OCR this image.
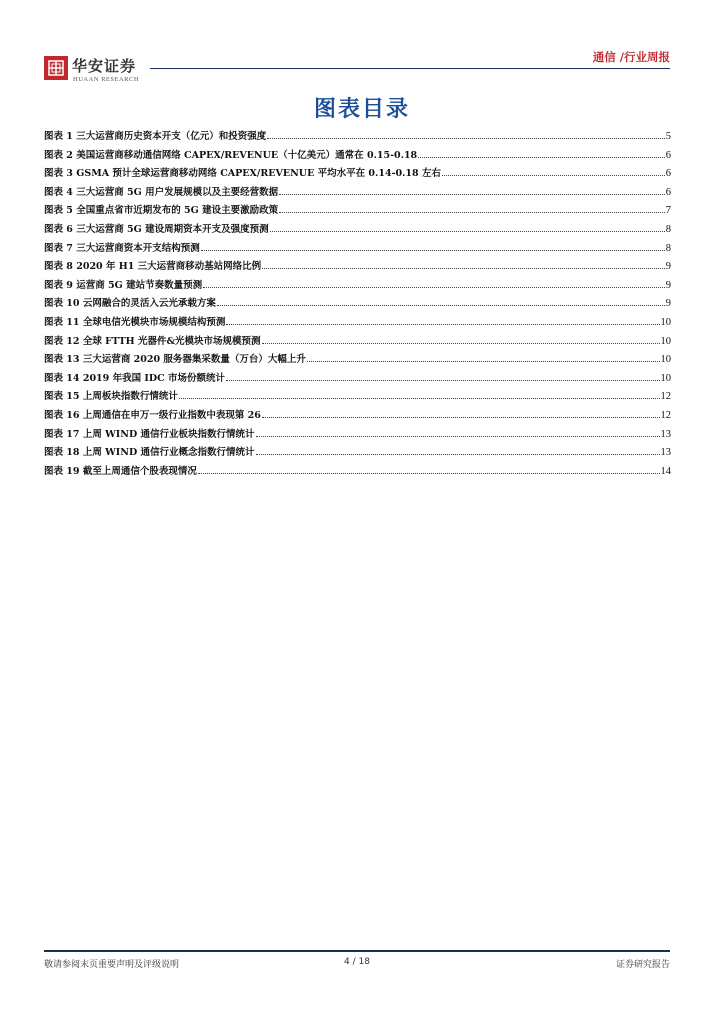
华安证券
HUAAN RESEARCH
通信 /行业周报
图表目录
图表 1 三大运营商历史资本开支（亿元）和投资强度	5
图表 2 美国运营商移动通信网络 CAPEX/REVENUE（十亿美元）通常在 0.15-0.18	6
图表 3 GSMA 预计全球运营商移动网络 CAPEX/REVENUE 平均水平在 0.14-0.18 左右	6
图表 4 三大运营商 5G 用户发展规模以及主要经营数据	6
图表 5 全国重点省市近期发布的 5G 建设主要激励政策	7
图表 6 三大运营商 5G 建设周期资本开支及强度预测	8
图表 7 三大运营商资本开支结构预测	8
图表 8 2020 年 H1 三大运营商移动基站网络比例	9
图表 9 运营商 5G 建站节奏数量预测	9
图表 10 云网融合的灵活入云光承载方案	9
图表 11 全球电信光模块市场规模结构预测	10
图表 12 全球 FTTH 光器件&光模块市场规模预测	10
图表 13 三大运营商 2020 服务器集采数量（万台）大幅上升	10
图表 14 2019 年我国 IDC 市场份额统计	10
图表 15 上周板块指数行情统计	12
图表 16 上周通信在申万一级行业指数中表现第 26	12
图表 17 上周 WIND 通信行业板块指数行情统计	13
图表 18 上周 WIND 通信行业概念指数行情统计	13
图表 19 截至上周通信个股表现情况	14
敬请参阅末页重要声明及评级说明	4 / 18	证券研究报告
